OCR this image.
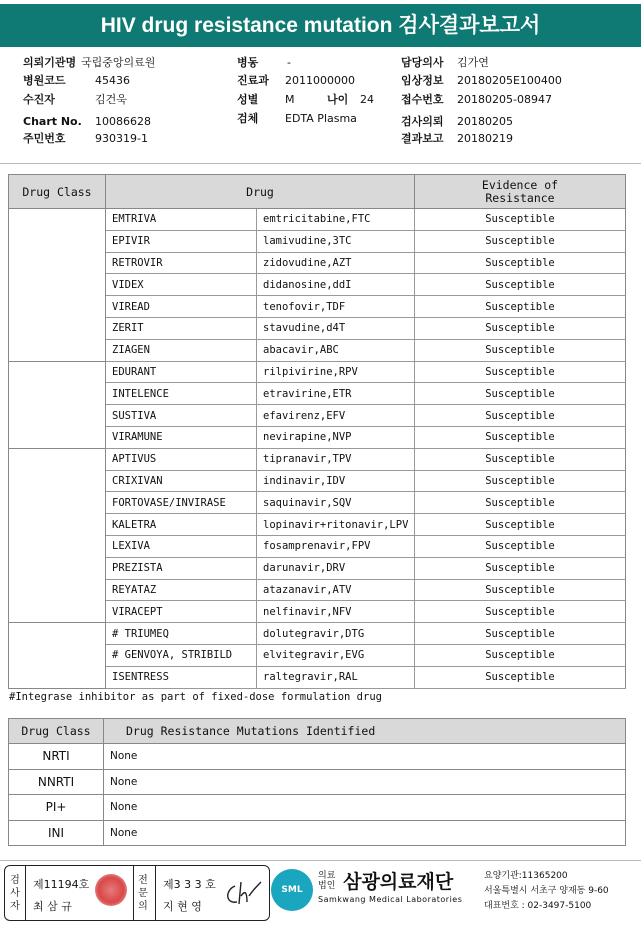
HIV drug resistance mutation 검사결과보고서
의뢰기관명 국립중앙의료원
병원코드	45436
수진자	김건욱
Chart No. 10086628
주민번호	930319-1
병동	-
진료과 2011000000
성별 M	나이 24
검체 EDTA Plasma
담당의사 김가연
임상정보 20180205E100400
접수번호 20180205-08947
검사의뢰 20180205
결과보고 20180219
Drug Class	Drug		Evidence of
Resistance
	EMTRIVA	emtricitabine,FTC	Susceptible
	EPIVIR	lamivudine,3TC	Susceptible
	RETROVIR	zidovudine,AZT	Susceptible
	VIDEX	didanosine,ddI	Susceptible
	VIREAD	tenofovir,TDF	Susceptible
	ZERIT	stavudine,d4T	Susceptible
	ZIAGEN	abacavir,ABC	Susceptible
	EDURANT	rilpivirine,RPV	Susceptible
	INTELENCE	etravirine,ETR	Susceptible
	SUSTIVA	efavirenz,EFV	Susceptible
	VIRAMUNE	nevirapine,NVP	Susceptible
	APTIVUS	tipranavir,TPV	Susceptible
	CRIXIVAN	indinavir,IDV	Susceptible
	FORTOVASE/INVIRASE	saquinavir,SQV	Susceptible
	KALETRA	lopinavir+ritonavir,LPV	Susceptible
	LEXIVA	fosamprenavir,FPV	Susceptible
	PREZISTA	darunavir,DRV	Susceptible
	REYATAZ	atazanavir,ATV	Susceptible
	VIRACEPT	nelfinavir,NFV	Susceptible
	# TRIUMEQ	dolutegravir,DTG	Susceptible
	# GENVOYA, STRIBILD	elvitegravir,EVG	Susceptible
	ISENTRESS	raltegravir,RAL	Susceptible
#Integrase inhibitor as part of fixed-dose formulation drug
Drug Class	Drug Resistance Mutations Identified
NRTI	None
NNRTI	None
PI+	None
INI	None
검
사
자
제11194호
최 삼 규
전
문
의
제3 3 3 호
지 현 영
SML
의료법인 삼광의료재단
Samkwang Medical Laboratories
요양기관:11365200
서울특별시 서초구 양재동 9-60
대표번호 : 02-3497-5100
